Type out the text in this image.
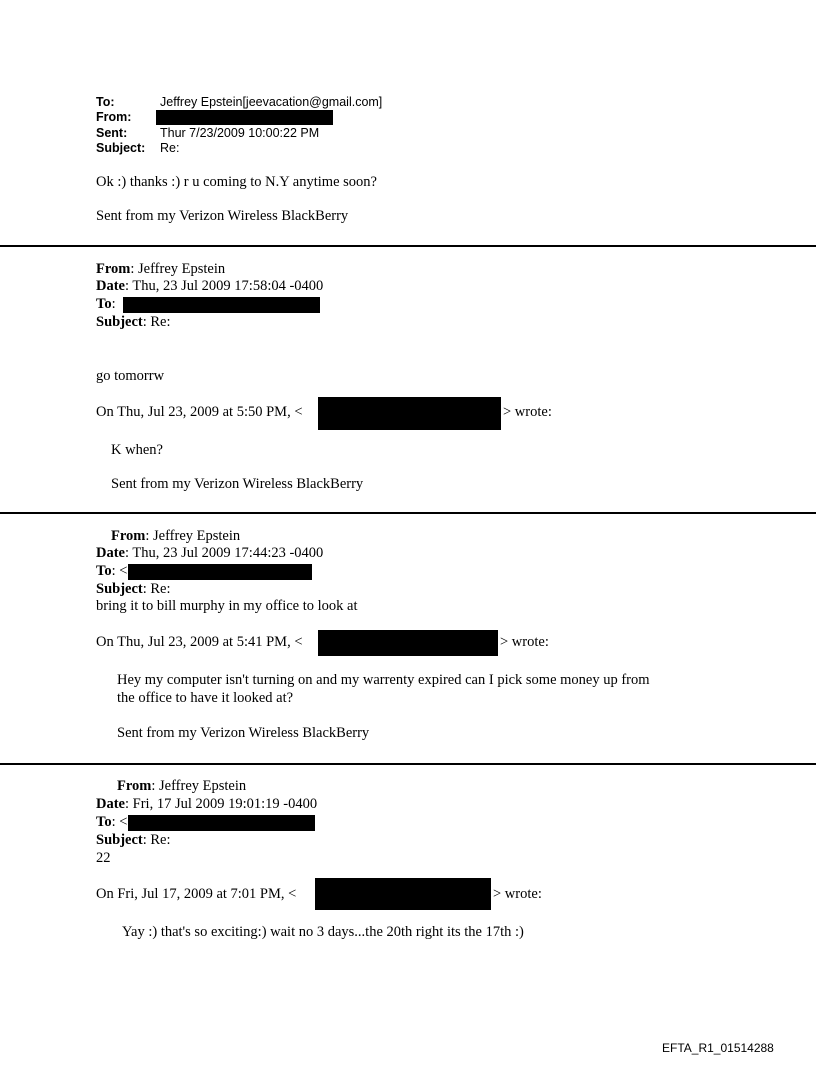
To:	Jeffrey Epstein[jeevacation@gmail.com]
From:
Sent:	Thur 7/23/2009 10:00:22 PM
Subject: Re:
Ok :) thanks :) r u coming to N.Y anytime soon?
Sent from my Verizon Wireless BlackBerry
From: Jeffrey Epstein
Date: Thu, 23 Jul 2009 17:58:04 -0400
To:
Subject: Re:
go tomorrw
On Thu, Jul 23, 2009 at 5:50 PM, <	> wrote:
K when?
Sent from my Verizon Wireless BlackBerry
From: Jeffrey Epstein
Date: Thu, 23 Jul 2009 17:44:23 -0400
To: <
Subject: Re:
bring it to bill murphy in my office to look at
On Thu, Jul 23, 2009 at 5:41 PM, <	> wrote:
Hey my computer isn't turning on and my warrenty expired can I pick some money up from
the office to have it looked at?
Sent from my Verizon Wireless BlackBerry
From: Jeffrey Epstein
Date: Fri, 17 Jul 2009 19:01:19 -0400
To: <
Subject: Re:
22
On Fri, Jul 17, 2009 at 7:01 PM, <	> wrote:
Yay :) that's so exciting:) wait no 3 days...the 20th right its the 17th :)
EFTA_R1_01514288
